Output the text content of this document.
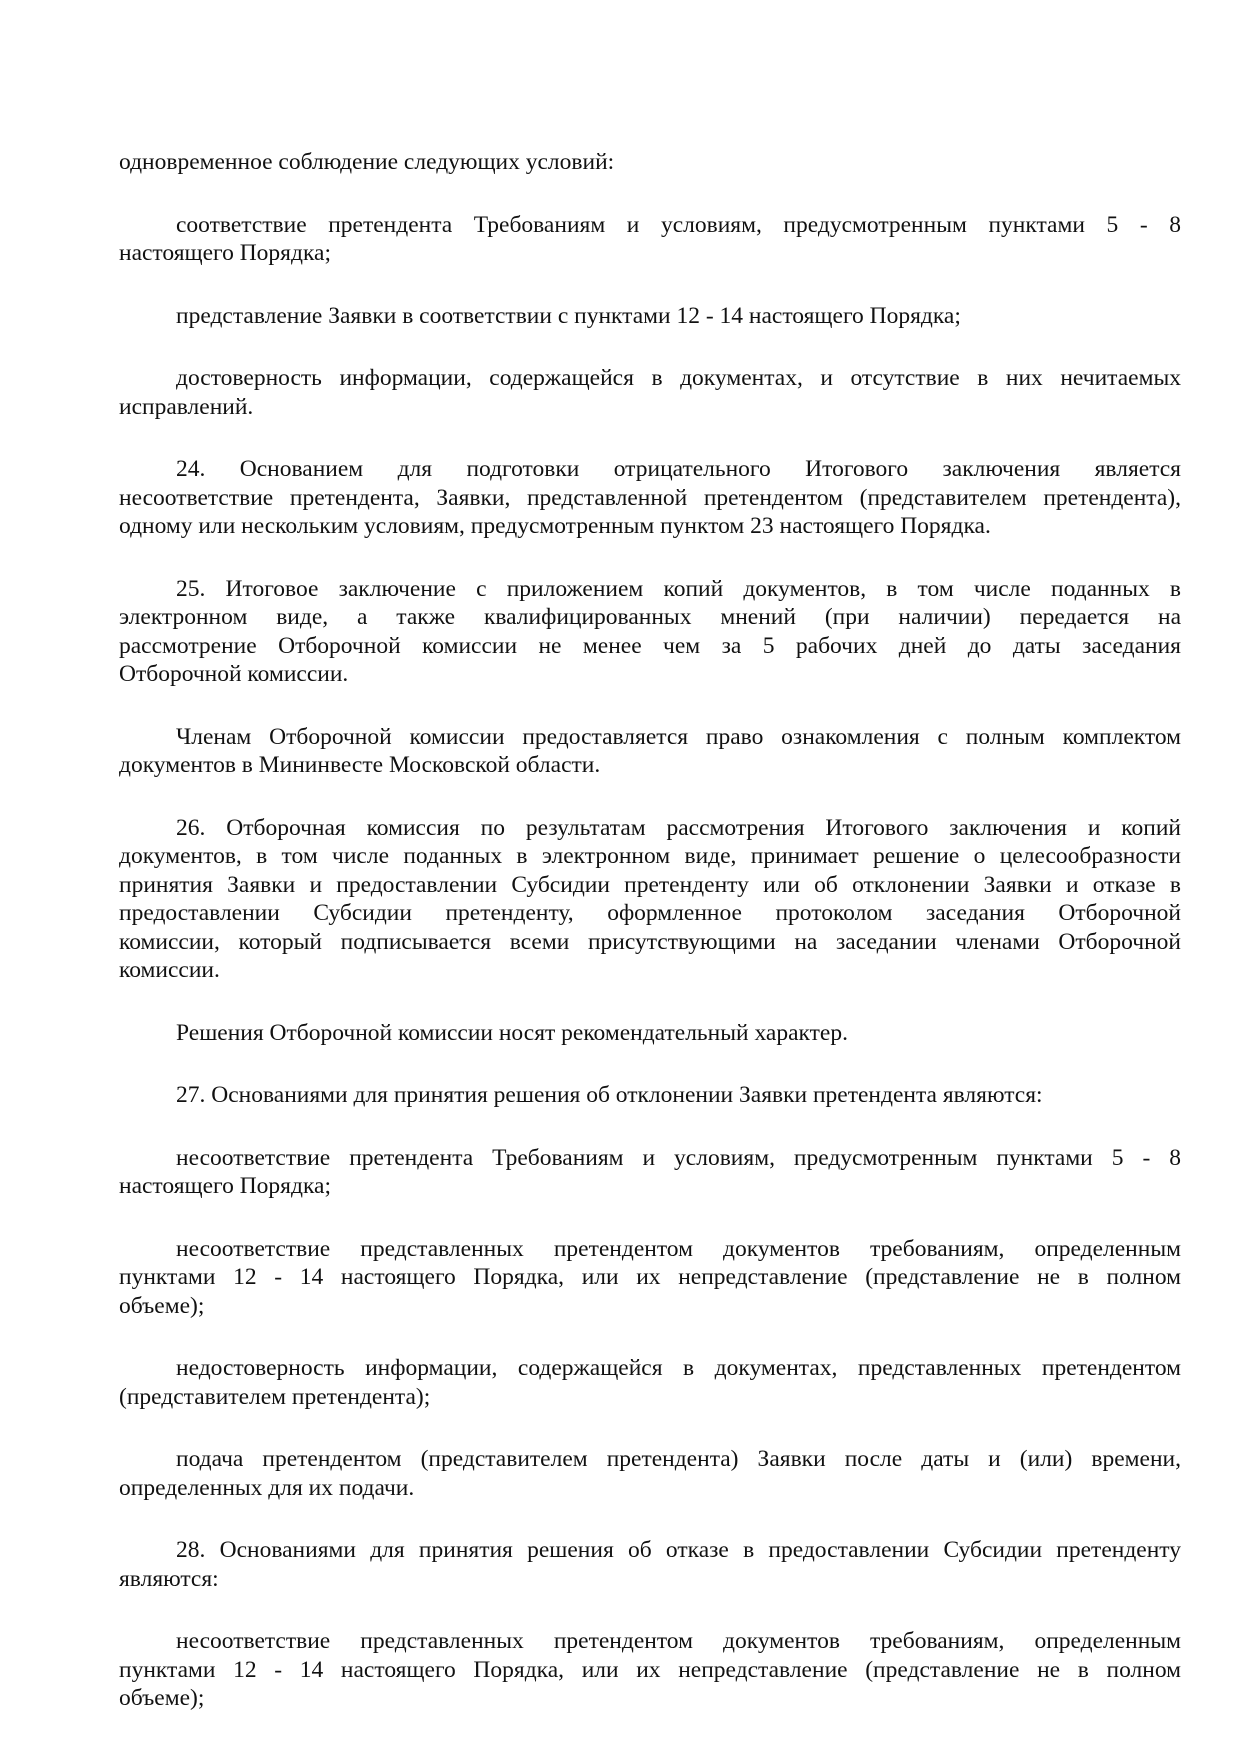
одновременное соблюдение следующих условий:
соответствие претендента Требованиям и условиям, предусмотренным пунктами 5 - 8
настоящего Порядка;
представление Заявки в соответствии с пунктами 12 - 14 настоящего Порядка;
достоверность информации, содержащейся в документах, и отсутствие в них нечитаемых
исправлений.
24. Основанием для подготовки отрицательного Итогового заключения является
несоответствие претендента, Заявки, представленной претендентом (представителем претендента),
одному или нескольким условиям, предусмотренным пунктом 23 настоящего Порядка.
25. Итоговое заключение с приложением копий документов, в том числе поданных в
электронном виде, а также квалифицированных мнений (при наличии) передается на
рассмотрение Отборочной комиссии не менее чем за 5 рабочих дней до даты заседания
Отборочной комиссии.
Членам Отборочной комиссии предоставляется право ознакомления с полным комплектом
документов в Мининвесте Московской области.
26. Отборочная комиссия по результатам рассмотрения Итогового заключения и копий
документов, в том числе поданных в электронном виде, принимает решение о целесообразности
принятия Заявки и предоставлении Субсидии претенденту или об отклонении Заявки и отказе в
предоставлении Субсидии претенденту, оформленное протоколом заседания Отборочной
комиссии, который подписывается всеми присутствующими на заседании членами Отборочной
комиссии.
Решения Отборочной комиссии носят рекомендательный характер.
27. Основаниями для принятия решения об отклонении Заявки претендента являются:
несоответствие претендента Требованиям и условиям, предусмотренным пунктами 5 - 8
настоящего Порядка;
несоответствие представленных претендентом документов требованиям, определенным
пунктами 12 - 14 настоящего Порядка, или их непредставление (представление не в полном
объеме);
недостоверность информации, содержащейся в документах, представленных претендентом
(представителем претендента);
подача претендентом (представителем претендента) Заявки после даты и (или) времени,
определенных для их подачи.
28. Основаниями для принятия решения об отказе в предоставлении Субсидии претенденту
являются:
несоответствие представленных претендентом документов требованиям, определенным
пунктами 12 - 14 настоящего Порядка, или их непредставление (представление не в полном
объеме);
